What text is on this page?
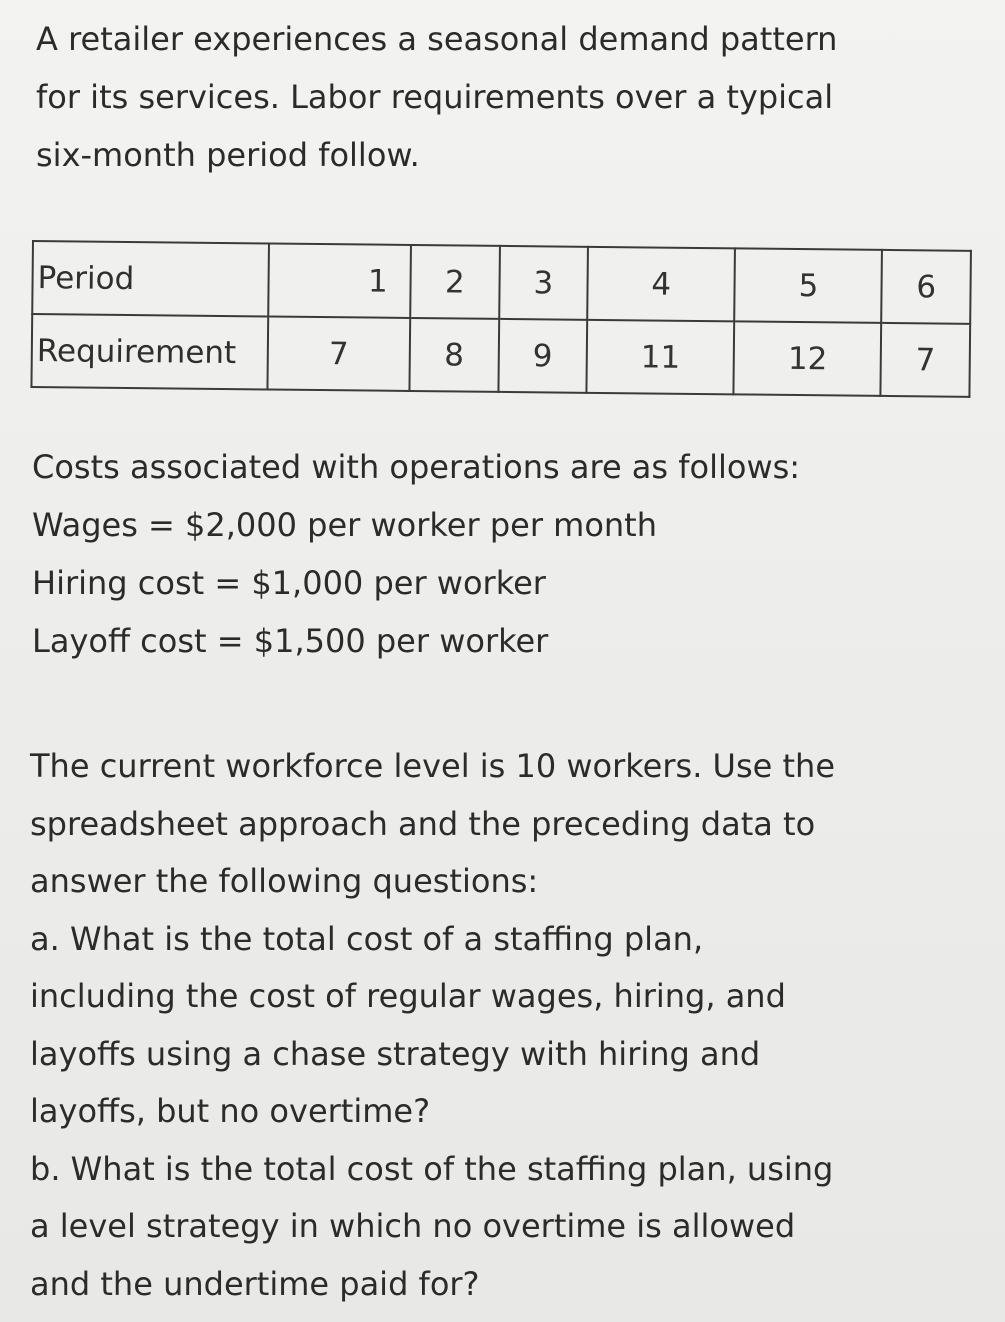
A retailer experiences a seasonal demand pattern
for its services. Labor requirements over a typical
six-month period follow.

Period	1	2	3	4	5	6
Requirement	7	8	9	11	12	7

Costs associated with operations are as follows:
Wages = $2,000 per worker per month
Hiring cost = $1,000 per worker
Layoff cost = $1,500 per worker

The current workforce level is 10 workers. Use the
spreadsheet approach and the preceding data to
answer the following questions:
a. What is the total cost of a staffing plan,
including the cost of regular wages, hiring, and
layoffs using a chase strategy with hiring and
layoffs, but no overtime?
b. What is the total cost of the staffing plan, using
a level strategy in which no overtime is allowed
and the undertime paid for?
